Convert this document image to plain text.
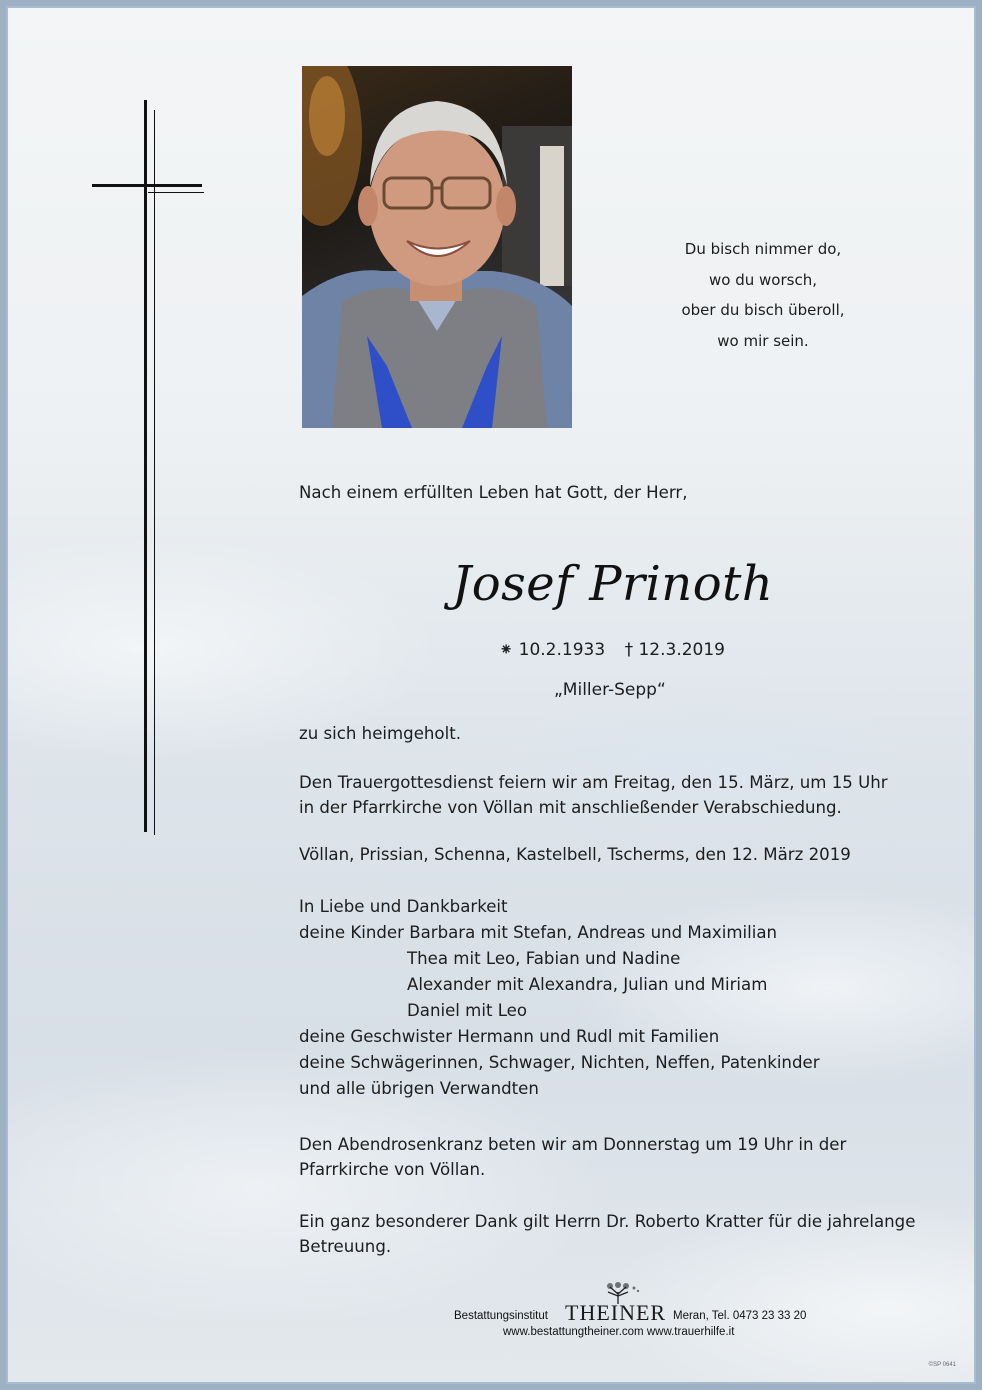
Du bisch nimmer do,
wo du worsch,
ober du bisch überoll,
wo mir sein.
Nach einem erfüllten Leben hat Gott, der Herr,
Josef Prinoth
⁕ 10.2.1933 † 12.3.2019
„Miller-Sepp“
zu sich heimgeholt.
Den Trauergottesdienst feiern wir am Freitag, den 15. März, um 15 Uhr
in der Pfarrkirche von Völlan mit anschließender Verabschiedung.
Völlan, Prissian, Schenna, Kastelbell, Tscherms, den 12. März 2019
In Liebe und Dankbarkeit
deine Kinder Barbara mit Stefan, Andreas und Maximilian
Thea mit Leo, Fabian und Nadine
Alexander mit Alexandra, Julian und Miriam
Daniel mit Leo
deine Geschwister Hermann und Rudl mit Familien
deine Schwägerinnen, Schwager, Nichten, Neffen, Patenkinder
und alle übrigen Verwandten
Den Abendrosenkranz beten wir am Donnerstag um 19 Uhr in der
Pfarrkirche von Völlan.
Ein ganz besonderer Dank gilt Herrn Dr. Roberto Kratter für die jahrelange
Betreuung.
Bestattungsinstitut THEINER Meran, Tel. 0473 23 33 20
www.bestattungtheiner.com www.trauerhilfe.it
©SP 0641
